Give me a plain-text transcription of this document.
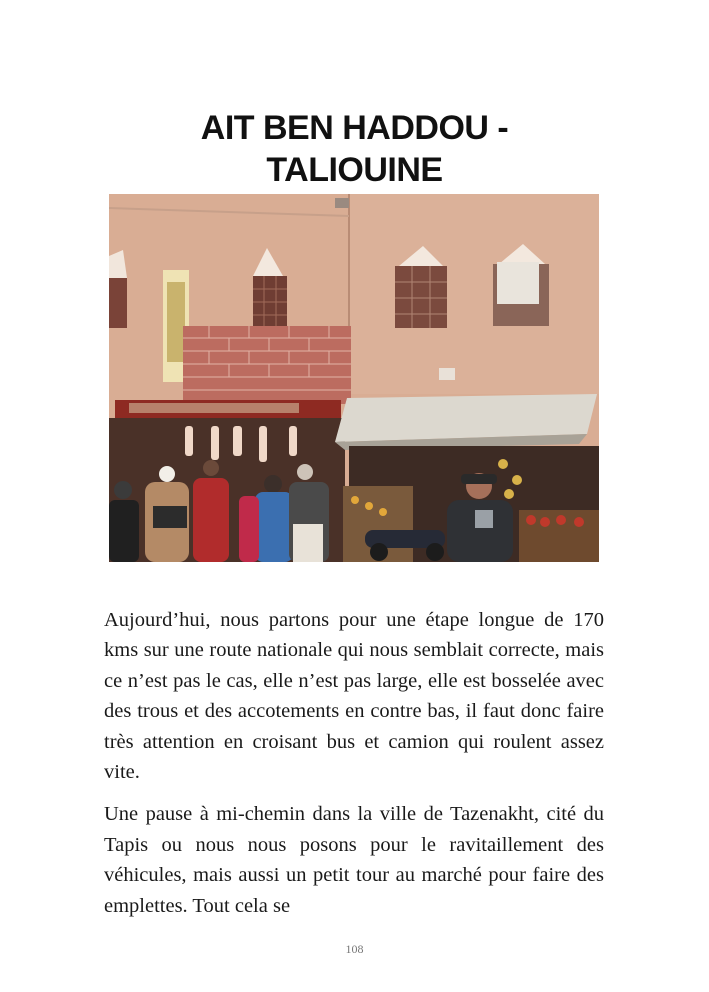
AIT BEN HADDOU -
TALIOUINE

Aujourd’hui, nous partons pour une étape longue de 170 kms sur une route nationale qui nous semblait correcte, mais ce n’est pas le cas, elle n’est pas large, elle est bosselée avec des trous et des accotements en contre bas, il faut donc faire très attention en croisant bus et camion qui roulent assez vite.

Une pause à mi-chemin dans la ville de Tazenakht, cité du Tapis ou nous nous posons pour le ravitaillement des véhicules, mais aussi un petit tour au marché pour faire des emplettes. Tout cela se

108
